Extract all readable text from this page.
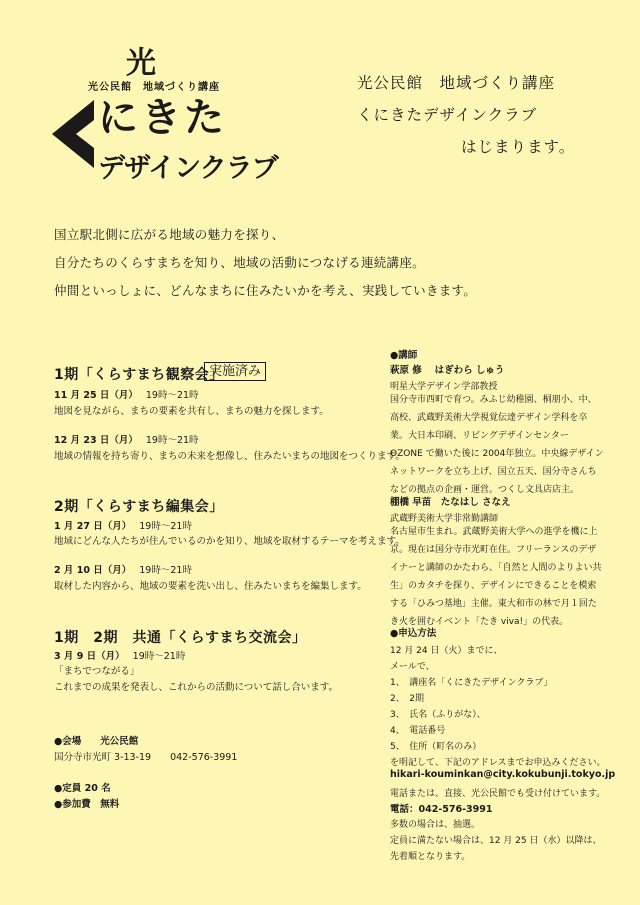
光
光公民館　地域づくり講座
にきた
デザインクラブ
光公民館　地域づくり講座
くにきたデザインクラブ
はじまります。
国立駅北側に広がる地域の魅力を探り、
自分たちのくらすまちを知り、地域の活動につなげる連続講座。
仲間といっしょに、どんなまちに住みたいかを考え、実践していきます。
1期「くらすまち観察会」
実施済み
11 月 25 日（月） 19時～21時
地図を見ながら、まちの要素を共有し、まちの魅力を探します。
12 月 23 日（月） 19時～21時
地域の情報を持ち寄り、まちの未来を想像し、住みたいまちの地図をつくります。
2期「くらすまち編集会」
1 月 27 日（月） 19時～21時
地域にどんな人たちが住んでいるのかを知り、地域を取材するテーマを考えます。
2 月 10 日（月） 19時～21時
取材した内容から、地域の要素を洗い出し、住みたいまちを編集します。
1期　2期　共通「くらすまち交流会」
3 月 9 日（月） 19時～21時
「まちでつながる」
これまでの成果を発表し、これからの活動について話し合います。
●会場　　光公民館
国分寺市光町 3-13-19　　042-576-3991
●定員 20 名
●参加費　無料
●講師
萩原 修　 はぎわら しゅう
明星大学デザイン学部教授
国分寺市西町で育つ。みふじ幼稚園、桐朋小、中、高校、武蔵野美術大学視覚伝達デザイン学科を卒業。大日本印刷、リビングデザインセンター OZONE で働いた後に 2004年独立。中央線デザインネットワークを立ち上げ、国立五天、国分寺さんちなどの拠点の企画・運営。つくし文具店店主。
棚橋 早苗　たなはし さなえ
武蔵野美術大学非常勤講師
名古屋市生まれ。武蔵野美術大学への進学を機に上京。現在は国分寺市光町在住。フリーランスのデザイナーと講師のかたわら、「自然と人間のよりよい共生」のカタチを探り、デザインにできることを模索する「ひみつ基地」主催。東大和市の林で月１回たき火を囲むイベント「たき viva!」の代表。
●申込方法
12 月 24 日（火）までに、
メールで、
1、　講座名「くにきたデザインクラブ」
2、　2期
3、　氏名（ふりがな）、
4、　電話番号
5、　住所（町名のみ）
を明記して、下記のアドレスまでお申込みください。
hikari-kouminkan@city.kokubunji.tokyo.jp
電話または、直接、光公民館でも受け付けています。
電話：042-576-3991
多数の場合は、抽選。
定員に満たない場合は、12 月 25 日（水）以降は、
先着順となります。
